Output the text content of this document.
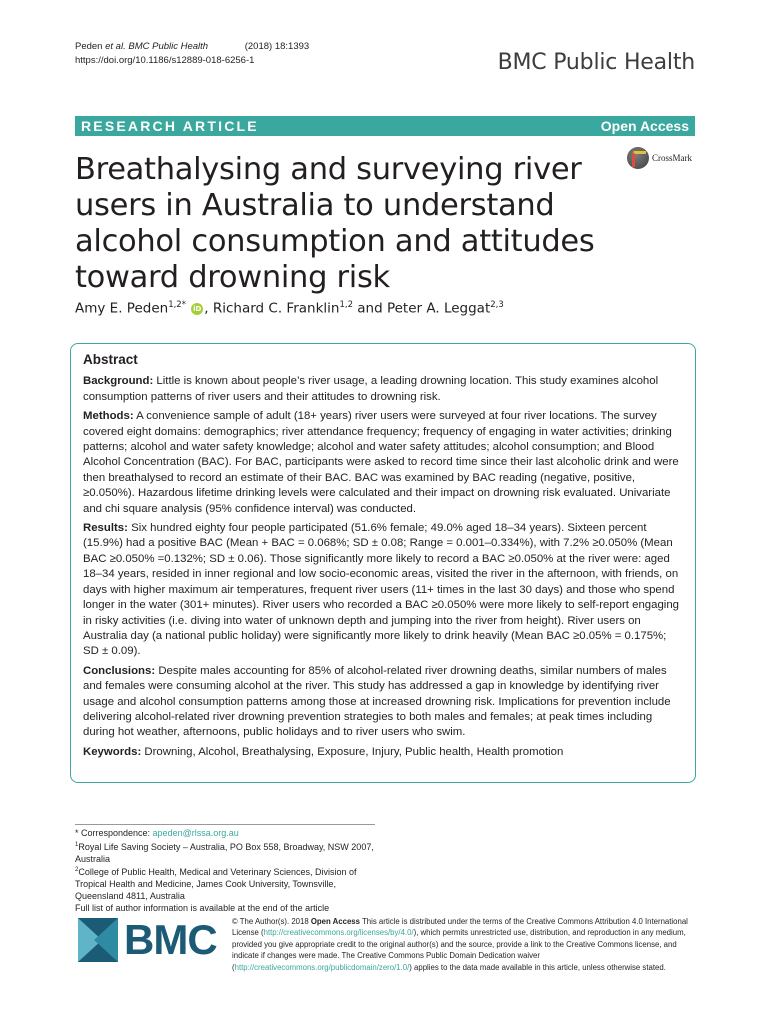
Peden et al. BMC Public Health	(2018) 18:1393
https://doi.org/10.1186/s12889-018-6256-1	BMC Public Health
RESEARCH ARTICLE	Open Access
Breathalysing and surveying river users in Australia to understand alcohol consumption and attitudes toward drowning risk
CrossMark
Amy E. Peden$^{1,2*}$ iD , Richard C. Franklin$^{1,2}$ and Peter A. Leggat$^{2,3}$
Abstract

Background: Little is known about people’s river usage, a leading drowning location. This study examines alcohol consumption patterns of river users and their attitudes to drowning risk.

Methods: A convenience sample of adult (18+ years) river users were surveyed at four river locations. The survey covered eight domains: demographics; river attendance frequency; frequency of engaging in water activities; drinking patterns; alcohol and water safety knowledge; alcohol and water safety attitudes; alcohol consumption; and Blood Alcohol Concentration (BAC). For BAC, participants were asked to record time since their last alcoholic drink and were then breathalysed to record an estimate of their BAC. BAC was examined by BAC reading (negative, positive, ≥0.050%). Hazardous lifetime drinking levels were calculated and their impact on drowning risk evaluated. Univariate and chi square analysis (95% confidence interval) was conducted.

Results: Six hundred eighty four people participated (51.6% female; 49.0% aged 18–34 years). Sixteen percent (15.9%) had a positive BAC (Mean + BAC = 0.068%; SD ± 0.08; Range = 0.001–0.334%), with 7.2% ≥0.050% (Mean BAC ≥0.050% =0.132%; SD ± 0.06). Those significantly more likely to record a BAC ≥0.050% at the river were: aged 18–34 years, resided in inner regional and low socio-economic areas, visited the river in the afternoon, with friends, on days with higher maximum air temperatures, frequent river users (11+ times in the last 30 days) and those who spend longer in the water (301+ minutes). River users who recorded a BAC ≥0.050% were more likely to self-report engaging in risky activities (i.e. diving into water of unknown depth and jumping into the river from height). River users on Australia day (a national public holiday) were significantly more likely to drink heavily (Mean BAC ≥0.05% = 0.175%; SD ± 0.09).

Conclusions: Despite males accounting for 85% of alcohol-related river drowning deaths, similar numbers of males and females were consuming alcohol at the river. This study has addressed a gap in knowledge by identifying river usage and alcohol consumption patterns among those at increased drowning risk. Implications for prevention include delivering alcohol-related river drowning prevention strategies to both males and females; at peak times including during hot weather, afternoons, public holidays and to river users who swim.

Keywords: Drowning, Alcohol, Breathalysing, Exposure, Injury, Public health, Health promotion

* Correspondence: apeden@rlssa.org.au
$^1$Royal Life Saving Society – Australia, PO Box 558, Broadway, NSW 2007, Australia
$^2$College of Public Health, Medical and Veterinary Sciences, Division of Tropical Health and Medicine, James Cook University, Townsville, Queensland 4811, Australia
Full list of author information is available at the end of the article
BMC © The Author(s). 2018 Open Access This article is distributed under the terms of the Creative Commons Attribution 4.0 International License (http://creativecommons.org/licenses/by/4.0/), which permits unrestricted use, distribution, and reproduction in any medium, provided you give appropriate credit to the original author(s) and the source, provide a link to the Creative Commons license, and indicate if changes were made. The Creative Commons Public Domain Dedication waiver (http://creativecommons.org/publicdomain/zero/1.0/) applies to the data made available in this article, unless otherwise stated.
